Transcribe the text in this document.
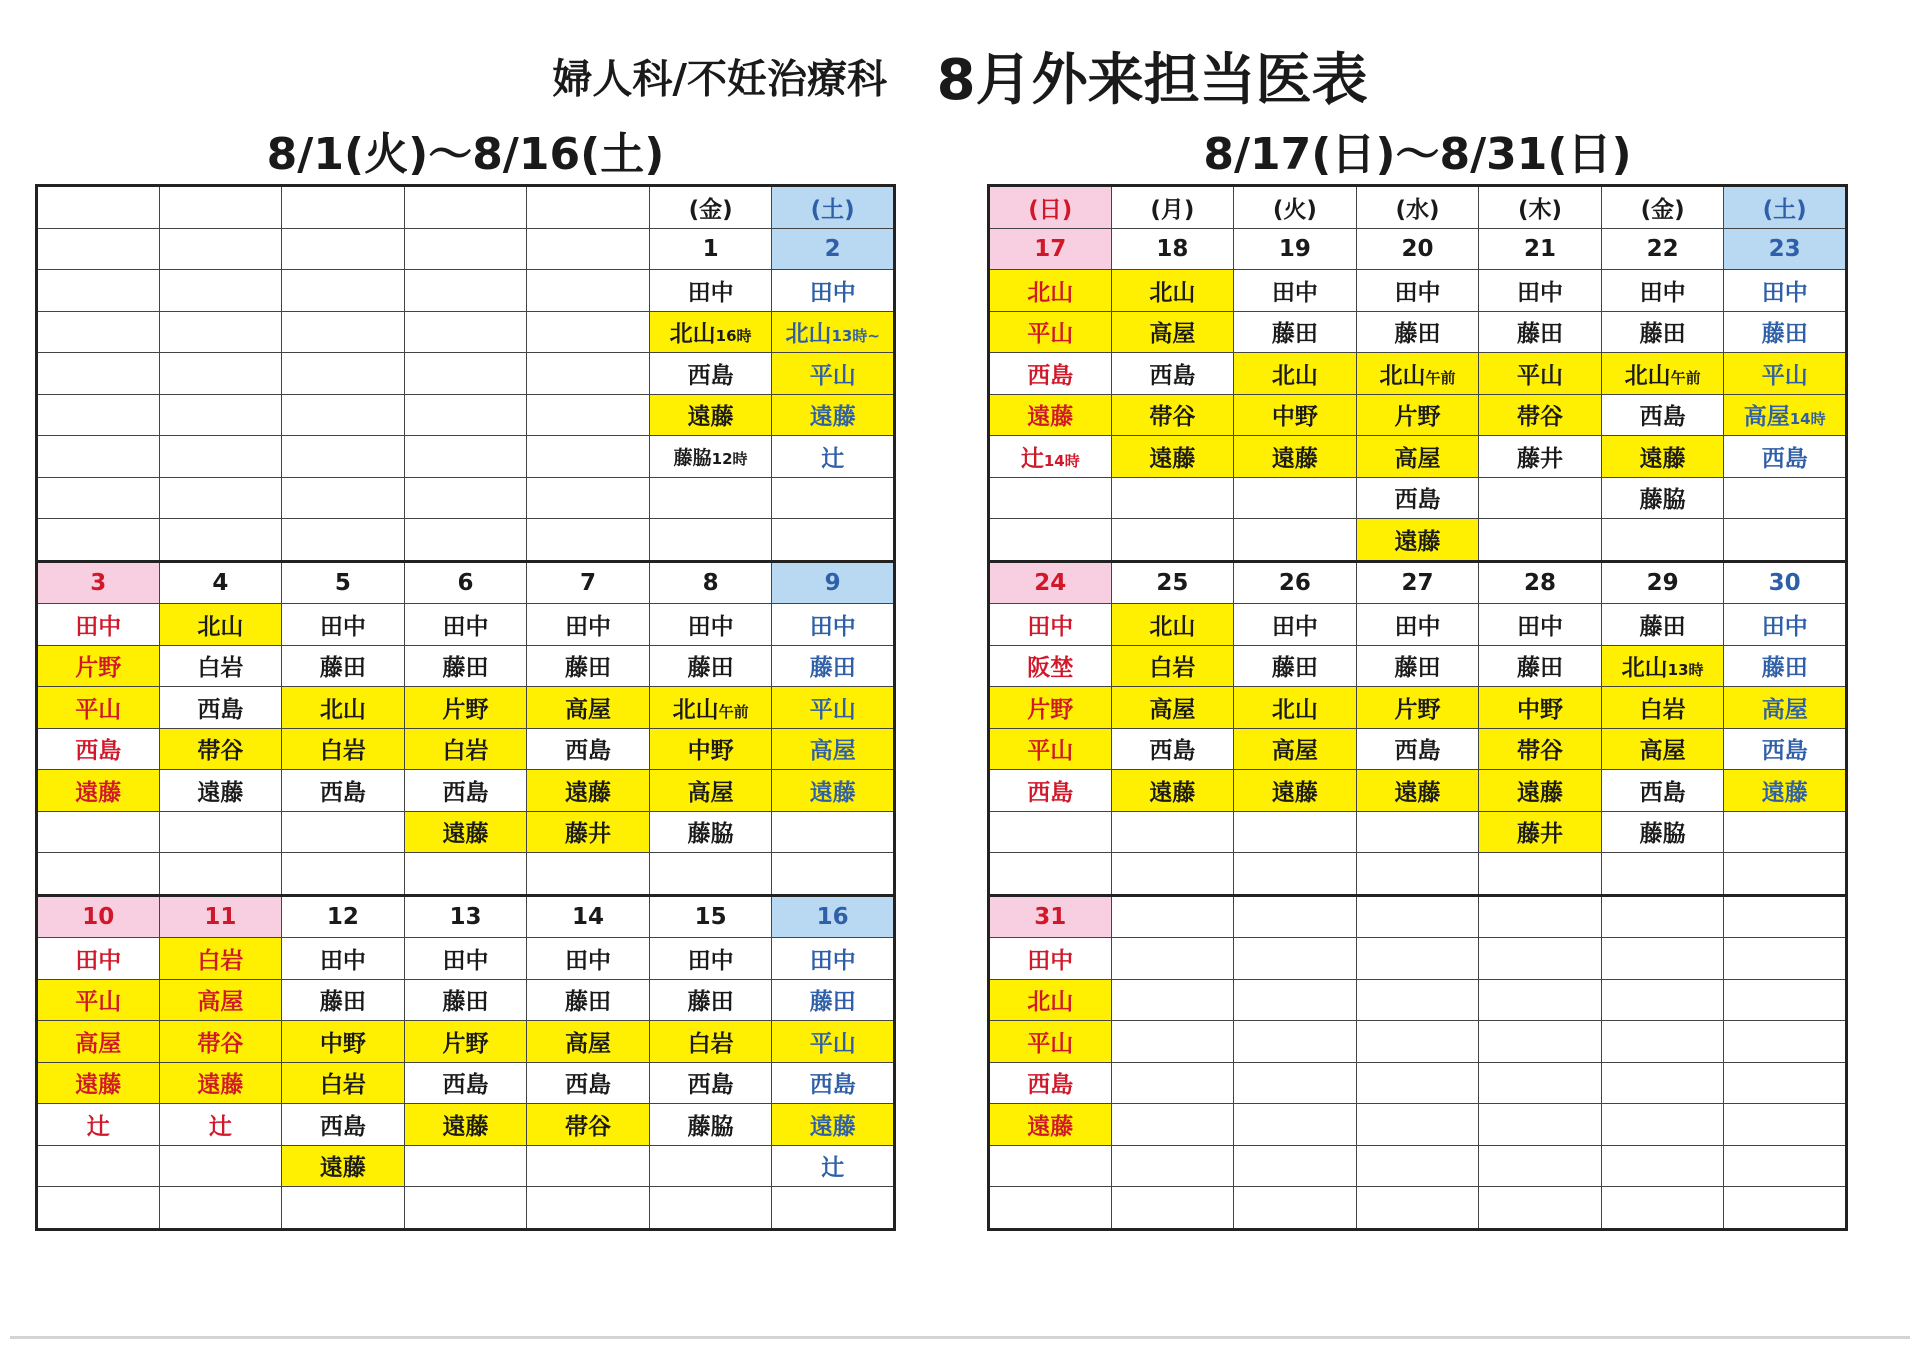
婦人科/不妊治療科 8月外来担当医表
8/1(火)～8/16(土)	8/17(日)～8/31(日)
					(金)	(土)
					1	2
					田中	田中
					北山16時	北山13時~
					西島	平山
					遠藤	遠藤
					藤脇12時	辻

3	4	5	6	7	8	9
田中	北山	田中	田中	田中	田中	田中
片野	白岩	藤田	藤田	藤田	藤田	藤田
平山	西島	北山	片野	高屋	北山午前	平山
西島	帯谷	白岩	白岩	西島	中野	高屋
遠藤	遠藤	西島	西島	遠藤	高屋	遠藤
			遠藤	藤井	藤脇	

10	11	12	13	14	15	16
田中	白岩	田中	田中	田中	田中	田中
平山	高屋	藤田	藤田	藤田	藤田	藤田
高屋	帯谷	中野	片野	高屋	白岩	平山
遠藤	遠藤	白岩	西島	西島	西島	西島
辻	辻	西島	遠藤	帯谷	藤脇	遠藤
		遠藤				辻

(日)	(月)	(火)	(水)	(木)	(金)	(土)
17	18	19	20	21	22	23
北山	北山	田中	田中	田中	田中	田中
平山	高屋	藤田	藤田	藤田	藤田	藤田
西島	西島	北山	北山午前	平山	北山午前	平山
遠藤	帯谷	中野	片野	帯谷	西島	高屋14時
辻14時	遠藤	遠藤	高屋	藤井	遠藤	西島
			西島		藤脇	
			遠藤			
24	25	26	27	28	29	30
田中	北山	田中	田中	田中	藤田	田中
阪埜	白岩	藤田	藤田	藤田	北山13時	藤田
片野	高屋	北山	片野	中野	白岩	高屋
平山	西島	高屋	西島	帯谷	高屋	西島
西島	遠藤	遠藤	遠藤	遠藤	西島	遠藤
				藤井	藤脇	

31						
田中						
北山						
平山						
西島						
遠藤						
